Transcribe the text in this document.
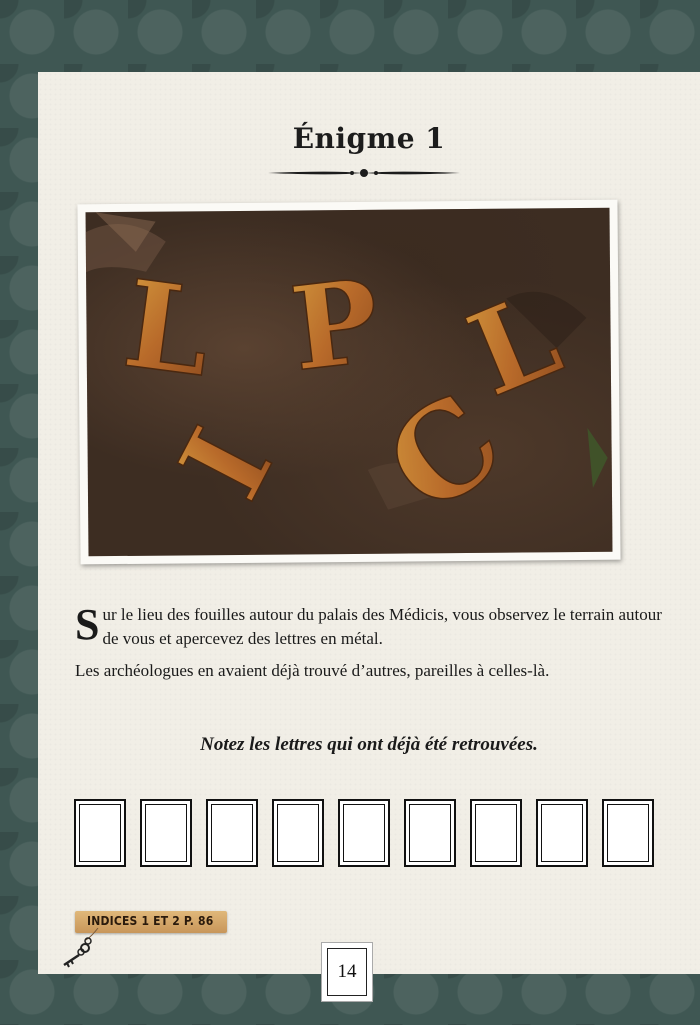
Énigme 1
L P L
I C

Sur le lieu des fouilles autour du palais des Médicis, vous observez le terrain autour de vous et apercevez des lettres en métal.

Les archéologues en avaient déjà trouvé d’autres, pareilles à celles-là.

Notez les lettres qui ont déjà été retrouvées.
INDICES 1 ET 2 P. 86
14
